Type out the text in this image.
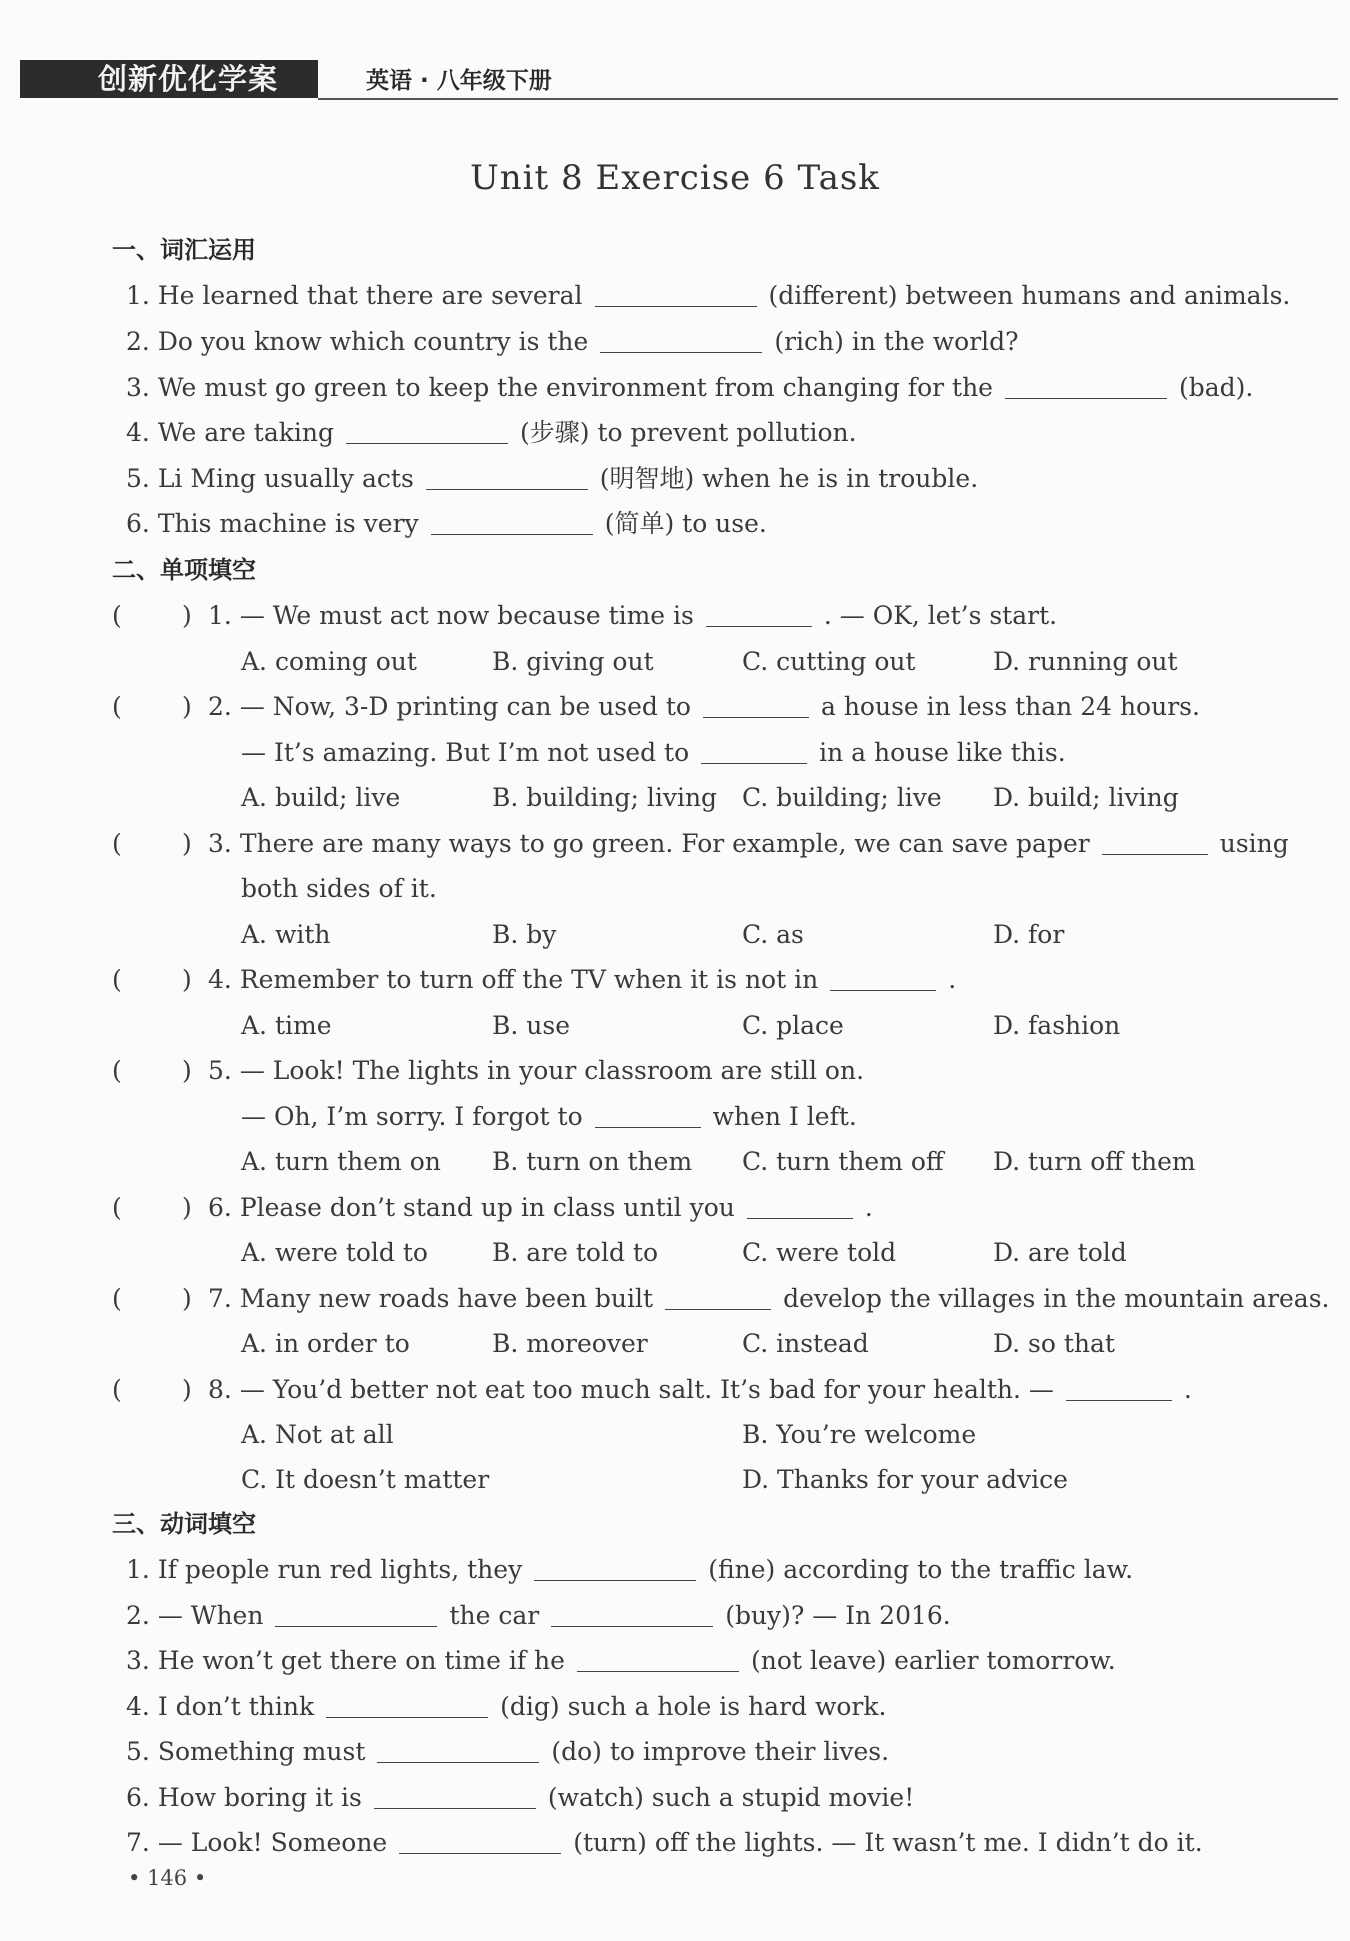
创新优化学案	英语 · 八年级下册
Unit 8 Exercise 6 Task
一、词汇运用
1. He learned that there are several	(different) between humans and animals.
2. Do you know which country is the	(rich) in the world?
3. We must go green to keep the environment from changing for the	(bad).
4. We are taking	(步骤) to prevent pollution.
5. Li Ming usually acts	(明智地) when he is in trouble.
6. This machine is very	(简单) to use.
二、单项填空
( ) 1. — We must act now because time is	. — OK, let’s start.
A. coming out	B. giving out	C. cutting out	D. running out
( ) 2. — Now, 3-D printing can be used to	a house in less than 24 hours.
— It’s amazing. But I’m not used to	in a house like this.
A. build; live	B. building; living C. building; live D. build; living
( ) 3. There are many ways to go green. For example, we can save paper	using
both sides of it.
A. with	B. by	C. as	D. for
( ) 4. Remember to turn off the TV when it is not in	.
A. time	B. use	C. place	D. fashion
( ) 5. — Look! The lights in your classroom are still on.
— Oh, I’m sorry. I forgot to	when I left.
A. turn them on B. turn on them C. turn them off D. turn off them
( ) 6. Please don’t stand up in class until you	.
A. were told to	B. are told to	C. were told	D. are told
( ) 7. Many new roads have been built	develop the villages in the mountain areas.
A. in order to	B. moreover	C. instead	D. so that
( ) 8. — You’d better not eat too much salt. It’s bad for your health. —	.
A. Not at all	B. You’re welcome
C. It doesn’t matter	D. Thanks for your advice
三、动词填空
1. If people run red lights, they	(fine) according to the traffic law.
2. — When	the car	(buy)? — In 2016.
3. He won’t get there on time if he	(not leave) earlier tomorrow.
4. I don’t think	(dig) such a hole is hard work.
5. Something must	(do) to improve their lives.
6. How boring it is	(watch) such a stupid movie!
7. — Look! Someone	(turn) off the lights. — It wasn’t me. I didn’t do it.
• 146 •
